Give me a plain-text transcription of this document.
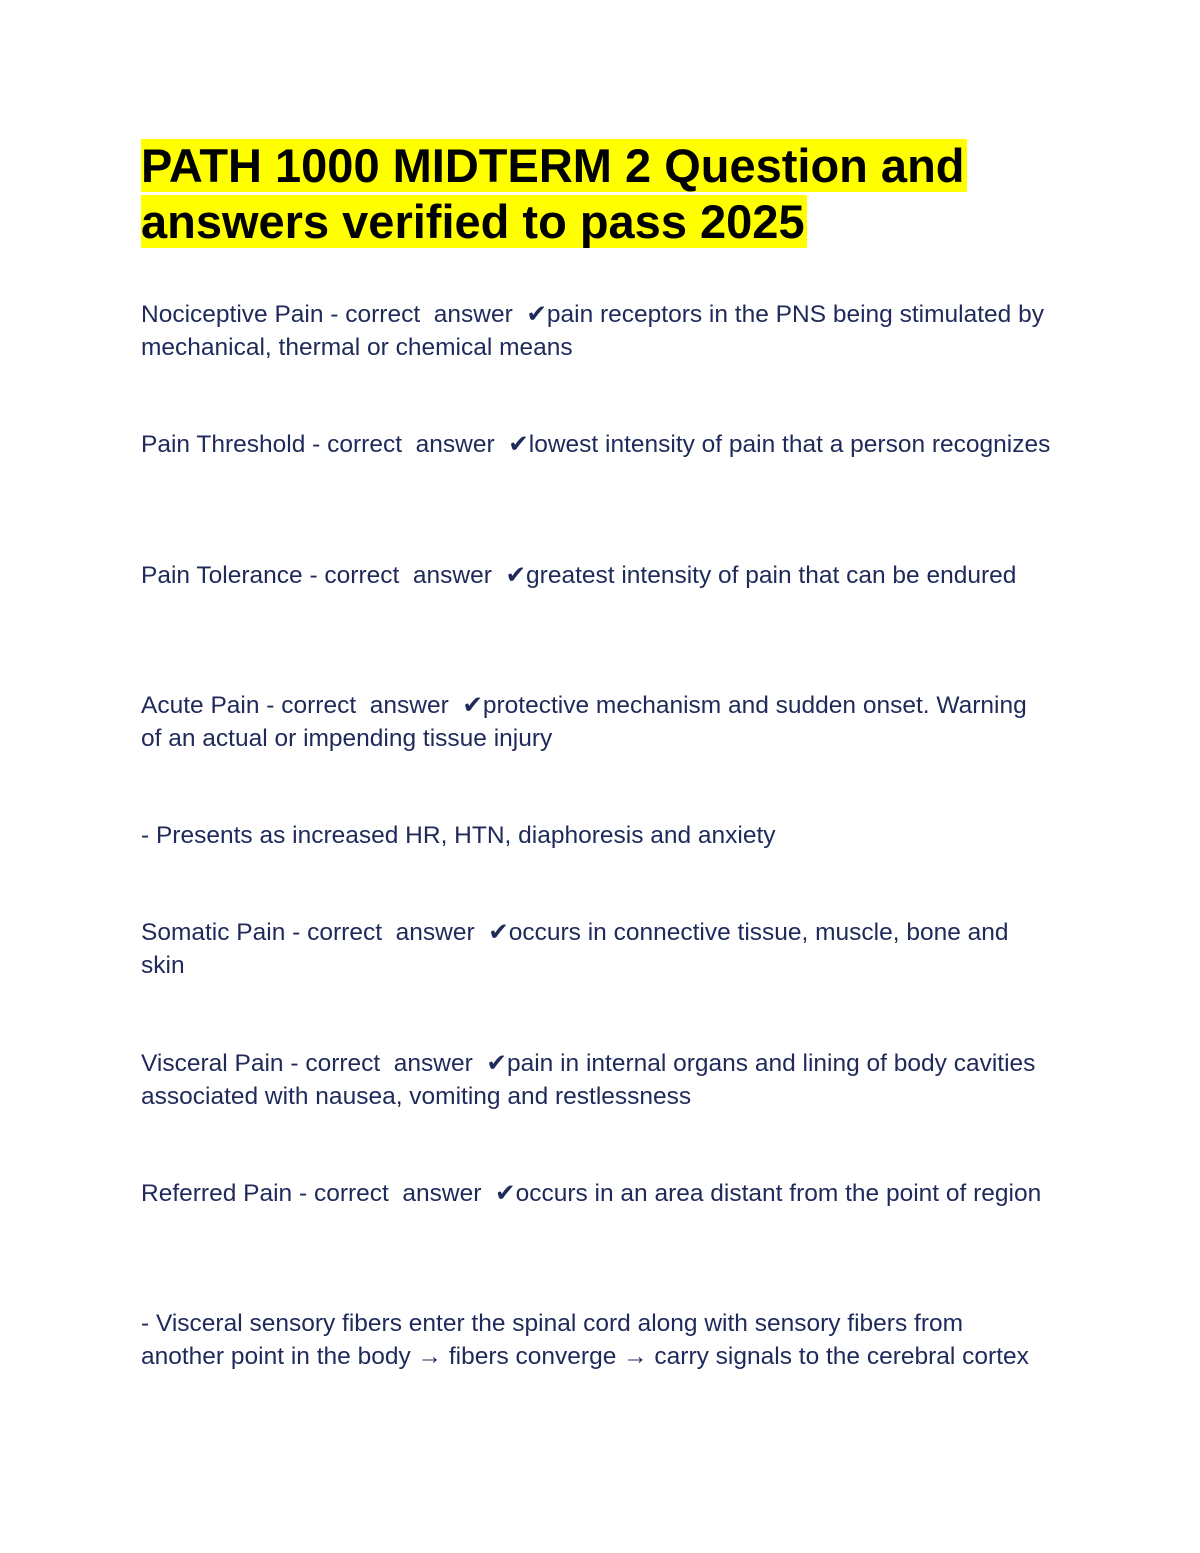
PATH 1000 MIDTERM 2 Question and
answers verified to pass 2025

Nociceptive Pain - correct  answer  ✔pain receptors in the PNS being stimulated by mechanical, thermal or chemical means

Pain Threshold - correct  answer  ✔lowest intensity of pain that a person recognizes

Pain Tolerance - correct  answer  ✔greatest intensity of pain that can be endured

Acute Pain - correct  answer  ✔protective mechanism and sudden onset. Warning of an actual or impending tissue injury

- Presents as increased HR, HTN, diaphoresis and anxiety

Somatic Pain - correct  answer  ✔occurs in connective tissue, muscle, bone and skin

Visceral Pain - correct  answer  ✔pain in internal organs and lining of body cavities associated with nausea, vomiting and restlessness

Referred Pain - correct  answer  ✔occurs in an area distant from the point of region

- Visceral sensory fibers enter the spinal cord along with sensory fibers from another point in the body → fibers converge → carry signals to the cerebral cortex
